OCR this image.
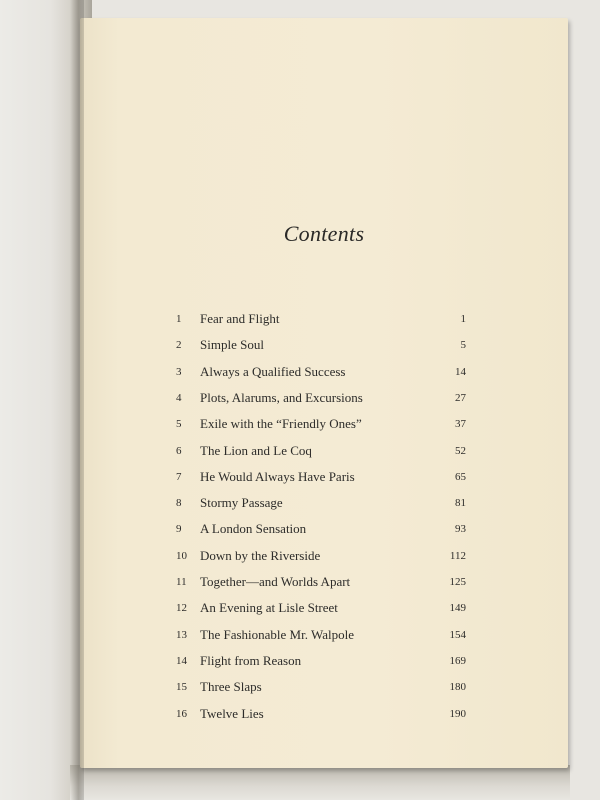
Contents
1	Fear and Flight	1
2	Simple Soul	5
3	Always a Qualified Success	14
4	Plots, Alarums, and Excursions	27
5	Exile with the “Friendly Ones”	37
6	The Lion and Le Coq	52
7	He Would Always Have Paris	65
8	Stormy Passage	81
9	A London Sensation	93
10 Down by the Riverside	112
11 Together—and Worlds Apart	125
12 An Evening at Lisle Street	149
13 The Fashionable Mr. Walpole	154
14 Flight from Reason	169
15 Three Slaps	180
16 Twelve Lies	190
